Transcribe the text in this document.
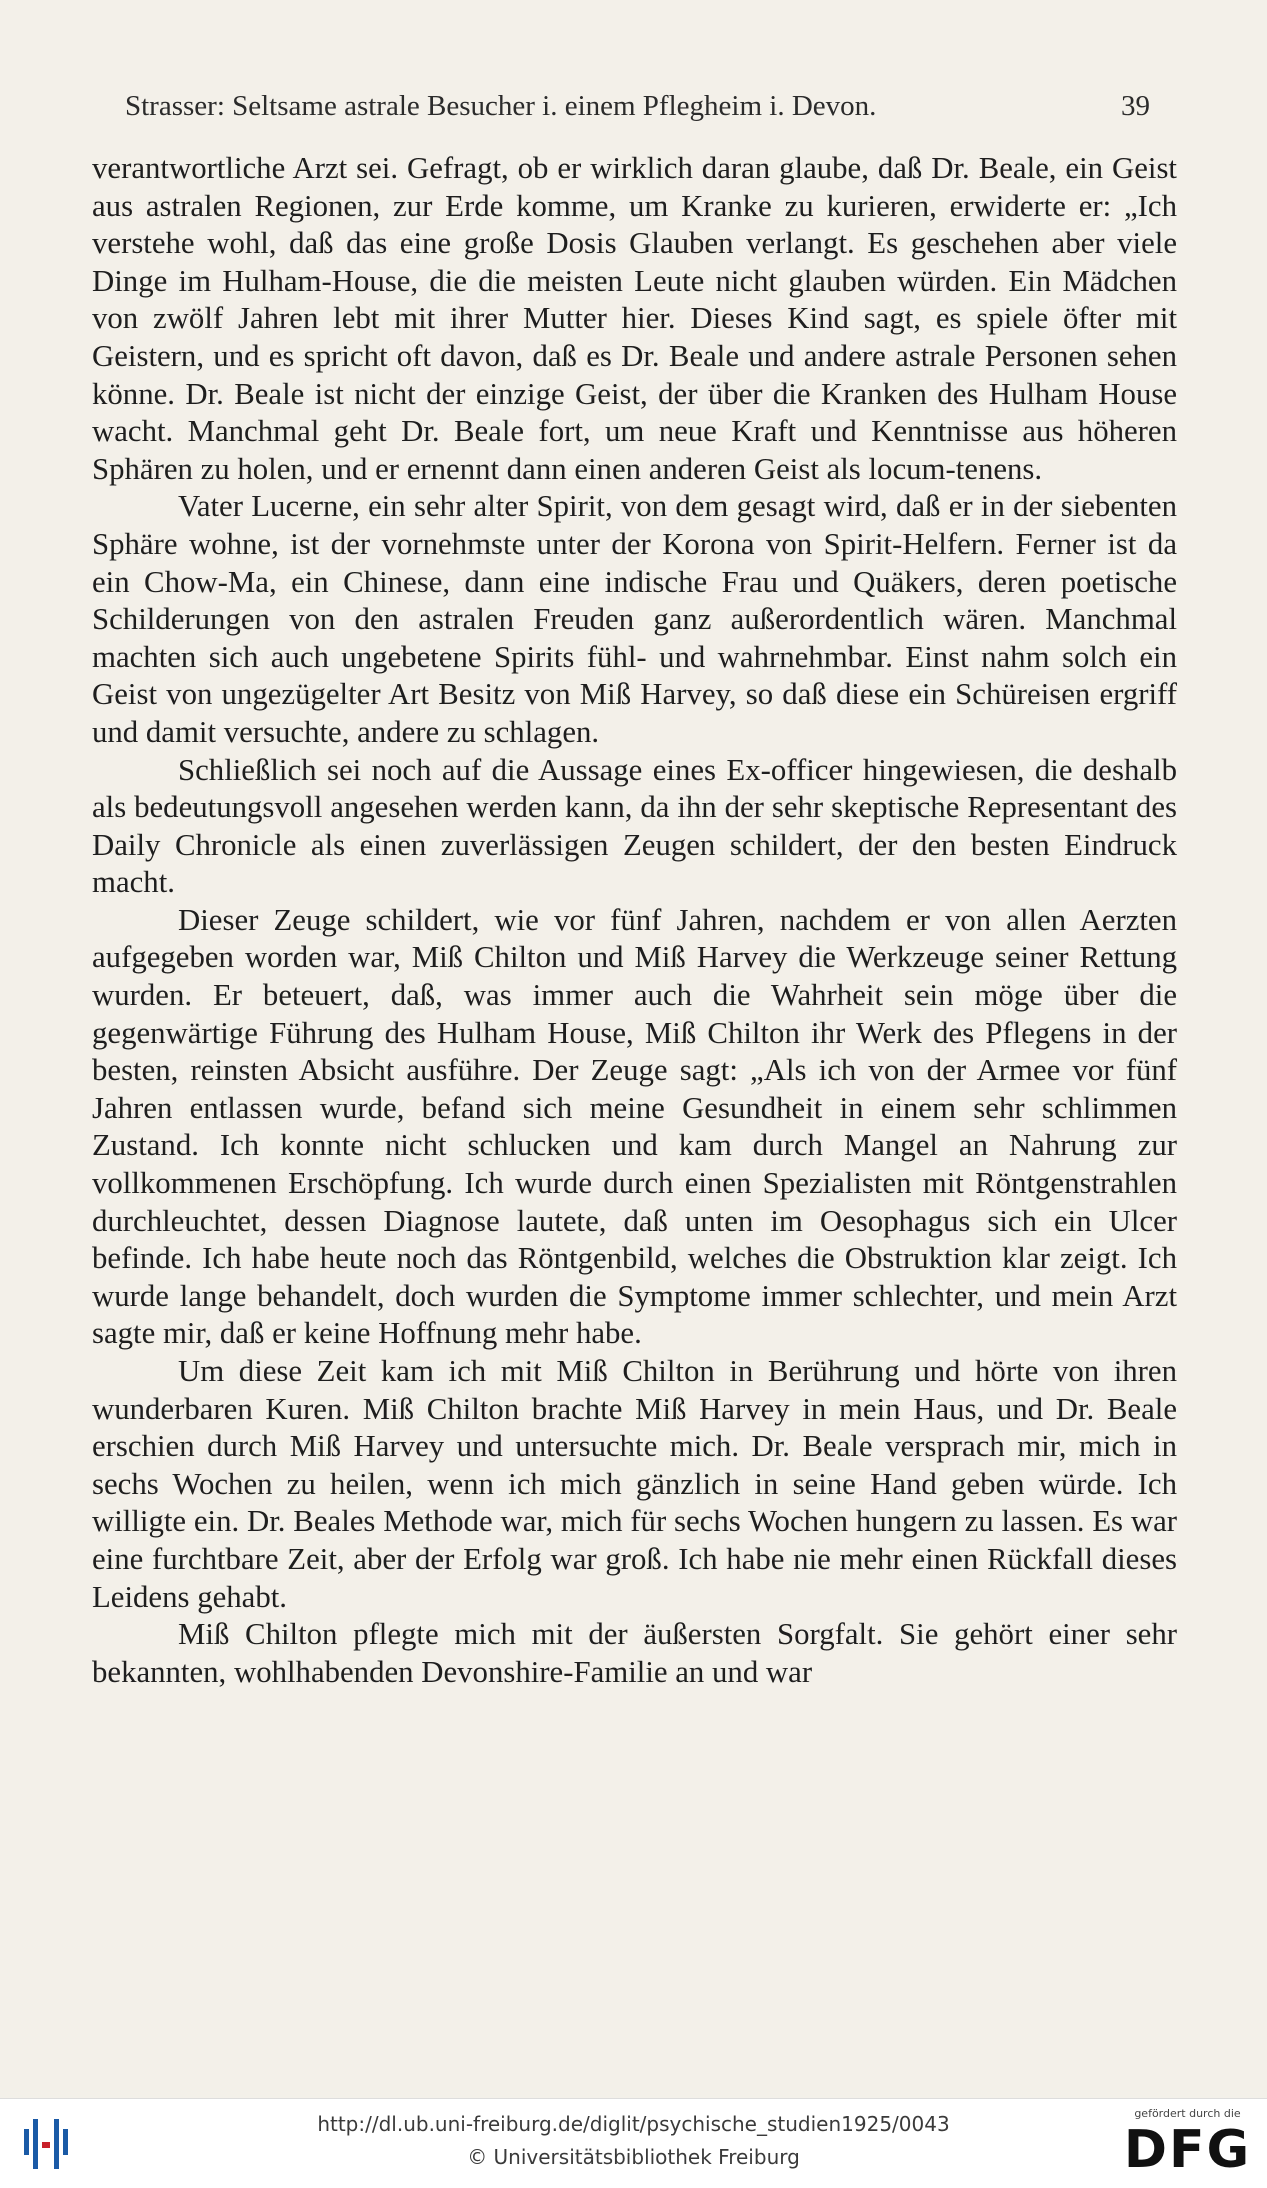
Strasser: Seltsame astrale Besucher i. einem Pflegheim i. Devon.	39

verantwortliche Arzt sei. Gefragt, ob er wirklich daran glaube, daß Dr. Beale, ein Geist aus astralen Regionen, zur Erde komme, um Kranke zu kurieren, erwiderte er: „Ich verstehe wohl, daß das eine große Dosis Glauben verlangt. Es geschehen aber viele Dinge im Hulham-House, die die meisten Leute nicht glauben würden. Ein Mädchen von zwölf Jahren lebt mit ihrer Mutter hier. Dieses Kind sagt, es spiele öfter mit Geistern, und es spricht oft davon, daß es Dr. Beale und andere astrale Personen sehen könne. Dr. Beale ist nicht der einzige Geist, der über die Kranken des Hulham House wacht. Manchmal geht Dr. Beale fort, um neue Kraft und Kenntnisse aus höheren Sphären zu holen, und er ernennt dann einen anderen Geist als locum-tenens.

Vater Lucerne, ein sehr alter Spirit, von dem gesagt wird, daß er in der siebenten Sphäre wohne, ist der vornehmste unter der Korona von Spirit-Helfern. Ferner ist da ein Chow-Ma, ein Chinese, dann eine indische Frau und Quäkers, deren poetische Schilderungen von den astralen Freuden ganz außerordentlich wären. Manchmal machten sich auch ungebetene Spirits fühl- und wahrnehmbar. Einst nahm solch ein Geist von ungezügelter Art Besitz von Miß Harvey, so daß diese ein Schüreisen ergriff und damit versuchte, andere zu schlagen.

Schließlich sei noch auf die Aussage eines Ex-officer hingewiesen, die deshalb als bedeutungsvoll angesehen werden kann, da ihn der sehr skeptische Representant des Daily Chronicle als einen zuverlässigen Zeugen schildert, der den besten Eindruck macht.

Dieser Zeuge schildert, wie vor fünf Jahren, nachdem er von allen Aerzten aufgegeben worden war, Miß Chilton und Miß Harvey die Werkzeuge seiner Rettung wurden. Er beteuert, daß, was immer auch die Wahrheit sein möge über die gegenwärtige Führung des Hulham House, Miß Chilton ihr Werk des Pflegens in der besten, reinsten Absicht ausführe. Der Zeuge sagt: „Als ich von der Armee vor fünf Jahren entlassen wurde, befand sich meine Gesundheit in einem sehr schlimmen Zustand. Ich konnte nicht schlucken und kam durch Mangel an Nahrung zur vollkommenen Erschöpfung. Ich wurde durch einen Spezialisten mit Röntgenstrahlen durchleuchtet, dessen Diagnose lautete, daß unten im Oesophagus sich ein Ulcer befinde. Ich habe heute noch das Röntgenbild, welches die Obstruktion klar zeigt. Ich wurde lange behandelt, doch wurden die Symptome immer schlechter, und mein Arzt sagte mir, daß er keine Hoffnung mehr habe.

Um diese Zeit kam ich mit Miß Chilton in Berührung und hörte von ihren wunderbaren Kuren. Miß Chilton brachte Miß Harvey in mein Haus, und Dr. Beale erschien durch Miß Harvey und untersuchte mich. Dr. Beale versprach mir, mich in sechs Wochen zu heilen, wenn ich mich gänzlich in seine Hand geben würde. Ich willigte ein. Dr. Beales Methode war, mich für sechs Wochen hungern zu lassen. Es war eine furchtbare Zeit, aber der Erfolg war groß. Ich habe nie mehr einen Rückfall dieses Leidens gehabt.

Miß Chilton pflegte mich mit der äußersten Sorgfalt. Sie gehört einer sehr bekannten, wohlhabenden Devonshire-Familie an und war

http://dl.ub.uni-freiburg.de/diglit/psychische_studien1925/0043
© Universitätsbibliothek Freiburg
gefördert durch die
DFG
